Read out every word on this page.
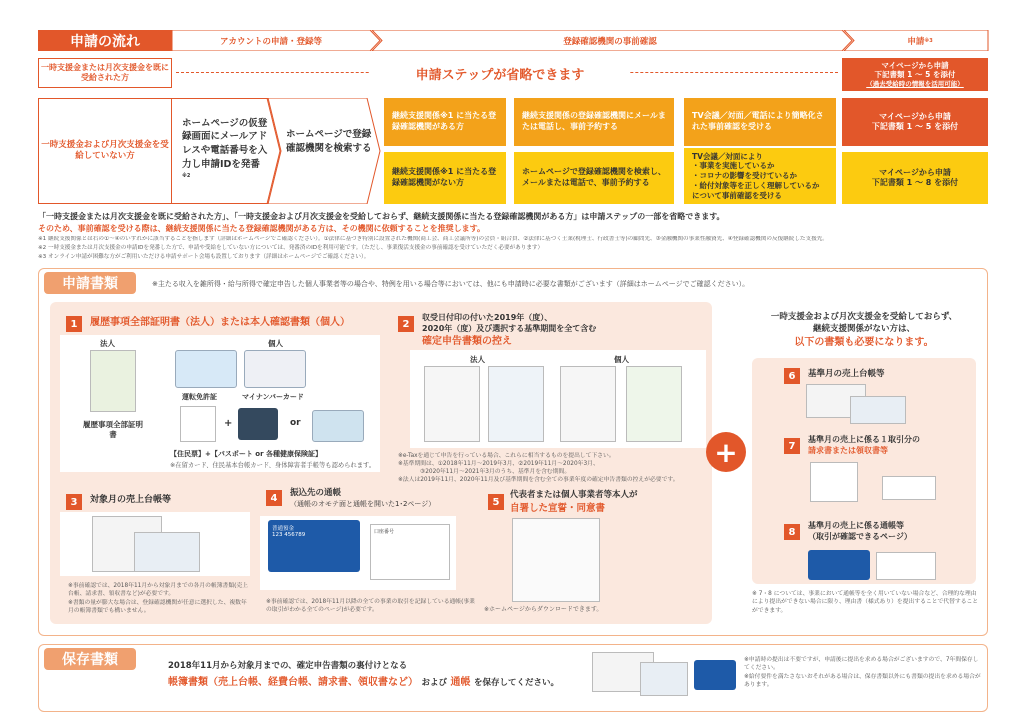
申請の流れ	アカウントの申請・登録等	登録確認機関の事前確認	申請 ※3
一時支援金または月次支援金を既に受給された方	申請ステップが省略できます
マイページから申請
下記書類 1 〜 5 を添付
（過去受給時の情報を活用可能）
一時支援金および月次支援金を受給していない方
ホームページの仮登録画面にメールアドレスや電話番号を入力し申請IDを発番$^{※2}$
ホームページで登録確認機関を検索する
継続支援関係※1 に当たる登録確認機関がある方
継続支援関係の登録確認機関にメールまたは電話し、事前予約する
TV会議／対面／電話により簡略化された事前確認を受ける
マイページから申請
下記書類 1 〜 5 を添付
継続支援関係※1 に当たる登録確認機関がない方
ホームページで登録確認機関を検索し、メールまたは電話で、事前予約する
TV会議／対面により
・事業を実施しているか
・コロナの影響を受けているか
・給付対象等を正しく理解しているか
について事前確認を受ける
マイページから申請
下記書類 1 〜 8 を添付
「一時支援金または月次支援金を既に受給された方」、「一時支援金および月次支援金を受給しておらず、継続支援関係に当たる登録確認機関がある方」は申請ステップの一部を省略できます。
そのため、事前確認を受ける際は、継続支援関係に当たる登録確認機関がある方は、その機関に依頼することを推奨します。
※1 継続支援関係とは右の①～④のいずれかに該当することを指します（詳細はホームページでご確認ください）。①法律に基づき特別に設置された機関(商工会、商工会議所等)の会員・組合員、②法律に基づく士業(税理士、行政書士等)の顧問先、③金融機関の事業性融資先、④登録確認機関の反復継続した支援先。
※2 一時支援金または月次支援金の申請IDを発番した方で、申請や受給をしていない方については、発番済のIDを利用可能です。（ただし、事業復活支援金の事前確認を受けていただく必要があります）
※3 オンライン申請が困難な方がご利用いただける申請サポート会場も設置しております（詳細はホームページでご確認ください）。
申請書類	※主たる収入を雑所得・給与所得で確定申告した個人事業者等の場合や、特例を用いる場合等においては、他にも申請時に必要な書類がございます（詳細はホームページでご確認ください）。
1	履歴事項全部証明書（法人）または本人確認書類（個人）
法人	個人
履歴事項全部証明書
運転免許証	マイナンバーカード
+	or
【住民票】+【パスポート or 各種健康保険証】
※在留カード、住民基本台帳カード、身体障害者手帳等も認められます。
2
収受日付印の付いた2019年（度）、
2020年（度）及び選択する基準期間を全て含む
確定申告書類の控え
法人	個人
※e-Taxを通じて申告を行っている場合、これらに相当するものを提出して下さい。
※基準期間は、①2018年11月～2019年3月、②2019年11月～2020年3月、
③2020年11月～2021年3月のうち、基準月を含む期間。
※法人は2019年11月、2020年11月及び基準期間を含む全ての事業年度の確定申告書類の控えが必要です。
3	対象月の売上台帳等
※事前確認では、2018年11月から対象月までの各月の帳簿書類(売上台帳、請求書、領収書など)が必要です。
※書類の量が膨大な場合は、登録確認機関が任意に選択した、複数年月の帳簿書類でも構いません。
4	振込先の通帳
（通帳のオモテ面と通帳を開いた1･2ページ）
普通預金
123 456789	口座番号
※事前確認では、2018年11月以降の全ての事業の取引を記録している通帳(事業の取引がわかる全てのページ)が必要です。
5
代表者または個人事業者等本人が
自署した宣誓・同意書
※ホームページからダウンロードできます。
+
一時支援金および月次支援金を受給しておらず、
継続支援関係がない方は、
以下の書類も必要になります。
6	基準月の売上台帳等
7
基準月の売上に係る１取引分の
請求書または領収書等
8
基準月の売上に係る通帳等
（取引が確認できるページ）
※ 7・8 については、事業において通帳等を全く用いていない場合など、合理的な理由により提出ができない場合に限り、理由書（様式あり）を提出することで代替することができます。
保存書類	2018年11月から対象月までの、確定申告書類の裏付けとなる
帳簿書類（売上台帳、経費台帳、請求書、領収書など） および 通帳 を保存してください。
※申請時の提出は不要ですが、申請後に提出を求める場合がございますので、7年間保存してください。
※給付要件を満たさないおそれがある場合は、保存書類以外にも書類の提出を求める場合があります。
